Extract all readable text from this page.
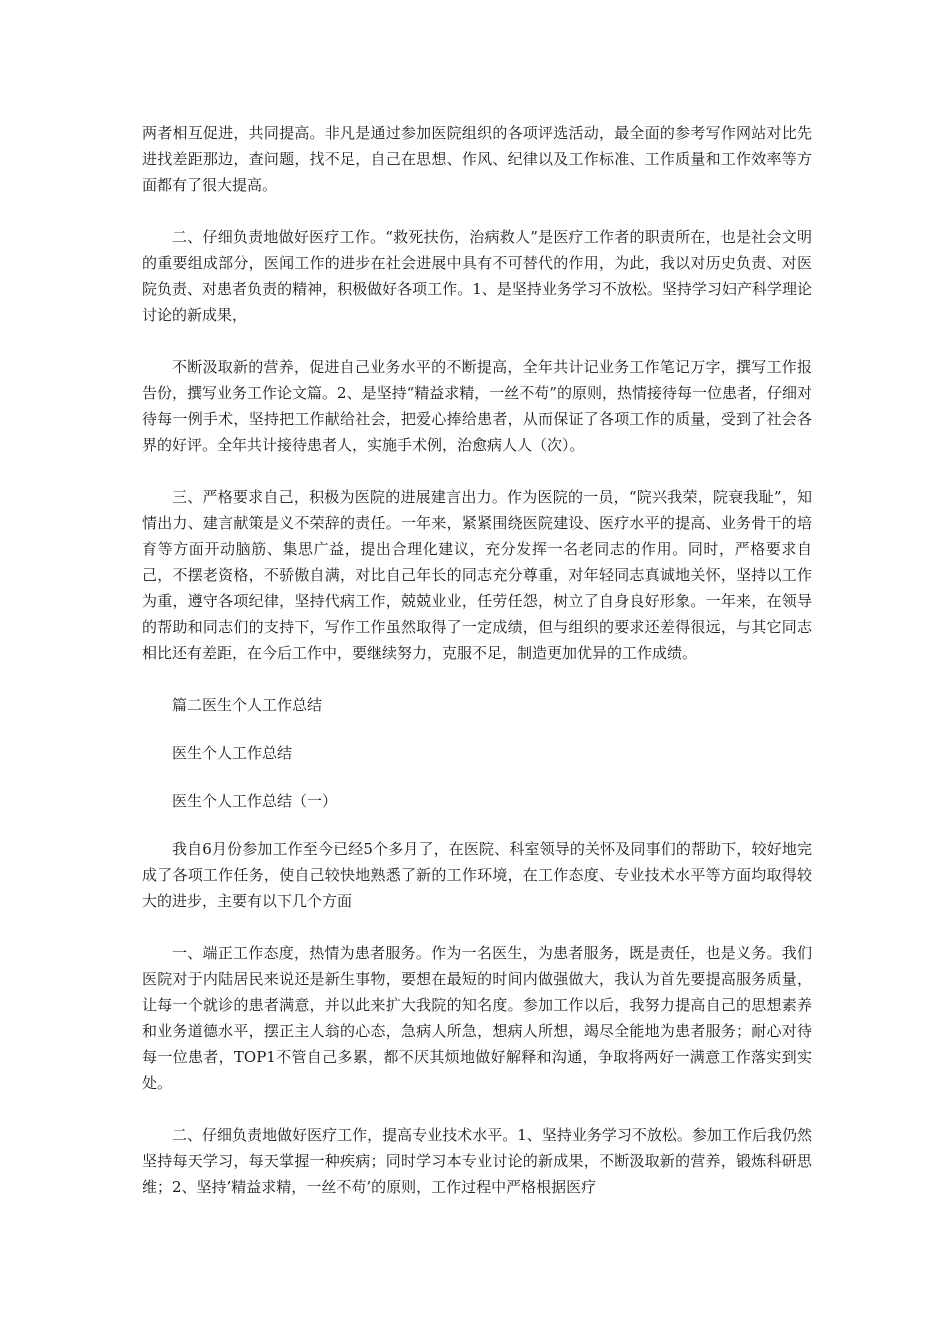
两者相互促进，共同提高。非凡是通过参加医院组织的各项评选活动，最全面的参考写作网站对比先进找差距那边，查问题，找不足，自己在思想、作风、纪律以及工作标准、工作质量和工作效率等方面都有了很大提高。

二、仔细负责地做好医疗工作。“救死扶伤，治病救人”是医疗工作者的职责所在，也是社会文明的重要组成部分，医闻工作的进步在社会进展中具有不可替代的作用，为此，我以对历史负责、对医院负责、对患者负责的精神，积极做好各项工作。1、是坚持业务学习不放松。坚持学习妇产科学理论讨论的新成果，

不断汲取新的营养，促进自己业务水平的不断提高，全年共计记业务工作笔记万字，撰写工作报告份，撰写业务工作论文篇。2、是坚持“精益求精，一丝不苟”的原则，热情接待每一位患者，仔细对待每一例手术，坚持把工作献给社会，把爱心捧给患者，从而保证了各项工作的质量，受到了社会各界的好评。全年共计接待患者人，实施手术例，治愈病人人（次）。

三、严格要求自己，积极为医院的进展建言出力。作为医院的一员，“院兴我荣，院衰我耻”，知情出力、建言献策是义不荣辞的责任。一年来，紧紧围绕医院建设、医疗水平的提高、业务骨干的培育等方面开动脑筋、集思广益，提出合理化建议，充分发挥一名老同志的作用。同时，严格要求自己，不摆老资格，不骄傲自满，对比自己年长的同志充分尊重，对年轻同志真诚地关怀，坚持以工作为重，遵守各项纪律，坚持代病工作，兢兢业业，任劳任怨，树立了自身良好形象。一年来，在领导的帮助和同志们的支持下，写作工作虽然取得了一定成绩，但与组织的要求还差得很远，与其它同志相比还有差距，在今后工作中，要继续努力，克服不足，制造更加优异的工作成绩。

篇二医生个人工作总结

医生个人工作总结

医生个人工作总结（一）

我自6月份参加工作至今已经5个多月了，在医院、科室领导的关怀及同事们的帮助下，较好地完成了各项工作任务，使自己较快地熟悉了新的工作环境，在工作态度、专业技术水平等方面均取得较大的进步，主要有以下几个方面

一、端正工作态度，热情为患者服务。作为一名医生，为患者服务，既是责任，也是义务。我们医院对于内陆居民来说还是新生事物，要想在最短的时间内做强做大，我认为首先要提高服务质量，让每一个就诊的患者满意，并以此来扩大我院的知名度。参加工作以后，我努力提高自己的思想素养和业务道德水平，摆正主人翁的心态，急病人所急，想病人所想，竭尽全能地为患者服务；耐心对待每一位患者，TOP1不管自己多累，都不厌其烦地做好解释和沟通，争取将两好一满意工作落实到实处。

二、仔细负责地做好医疗工作，提高专业技术水平。1、坚持业务学习不放松。参加工作后我仍然坚持每天学习，每天掌握一种疾病；同时学习本专业讨论的新成果，不断汲取新的营养，锻炼科研思维；2、坚持’精益求精，一丝不苟’的原则，工作过程中严格根据医疗
